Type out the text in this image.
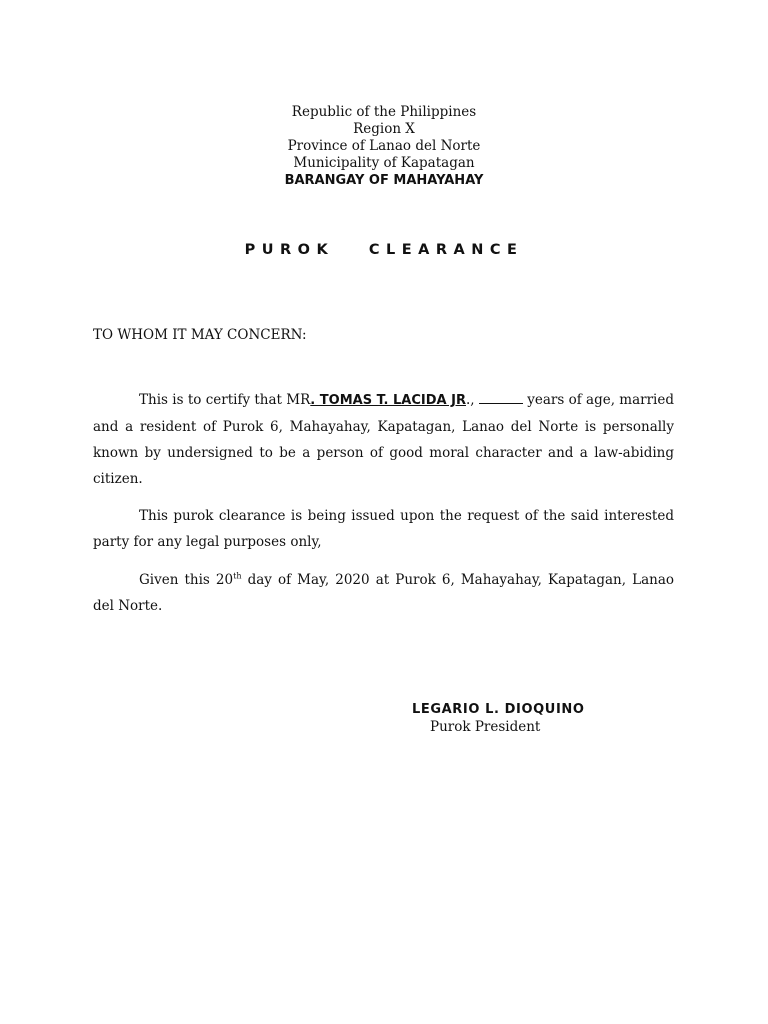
Republic of the Philippines
Region X
Province of Lanao del Norte
Municipality of Kapatagan
BARANGAY OF MAHAYAHAY
PUROK   CLEARANCE
TO WHOM IT MAY CONCERN:
This is to certify that MR. TOMAS T. LACIDA JR.,	years of age, married and a resident of Purok 6, Mahayahay, Kapatagan, Lanao del Norte is personally known by undersigned to be a person of good moral character and a law-abiding citizen.
This purok clearance is being issued upon the request of the said interested party for any legal purposes only,
Given this 20th day of May, 2020 at Purok 6, Mahayahay, Kapatagan, Lanao del Norte.
LEGARIO L. DIOQUINO
Purok President
